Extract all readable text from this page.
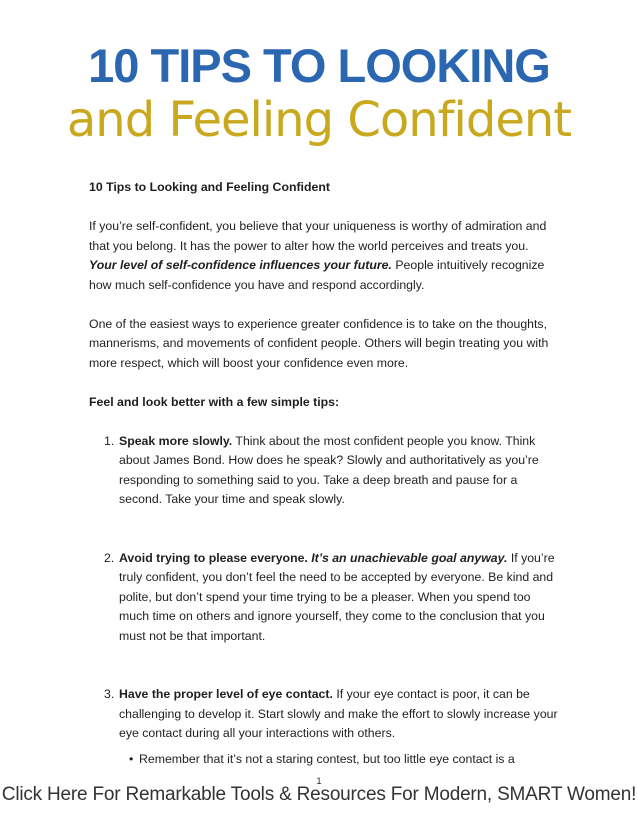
10 TIPS TO LOOKING
and Feeling Confident

10 Tips to Looking and Feeling Confident

If you’re self-confident, you believe that your uniqueness is worthy of admiration and that you belong. It has the power to alter how the world perceives and treats you. Your level of self-confidence influences your future. People intuitively recognize how much self-confidence you have and respond accordingly.

One of the easiest ways to experience greater confidence is to take on the thoughts, mannerisms, and movements of confident people. Others will begin treating you with more respect, which will boost your confidence even more.

Feel and look better with a few simple tips:

1. Speak more slowly. Think about the most confident people you know. Think about James Bond. How does he speak? Slowly and authoritatively as you’re responding to something said to you. Take a deep breath and pause for a second. Take your time and speak slowly.
2. Avoid trying to please everyone. It’s an unachievable goal anyway. If you’re truly confident, you don’t feel the need to be accepted by everyone. Be kind and polite, but don’t spend your time trying to be a pleaser. When you spend too much time on others and ignore yourself, they come to the conclusion that you must not be that important.
3. Have the proper level of eye contact. If your eye contact is poor, it can be challenging to develop it. Start slowly and make the effort to slowly increase your eye contact during all your interactions with others.
• Remember that it’s not a staring contest, but too little eye contact is a
1
Click Here For Remarkable Tools & Resources For Modern, SMART Women!
